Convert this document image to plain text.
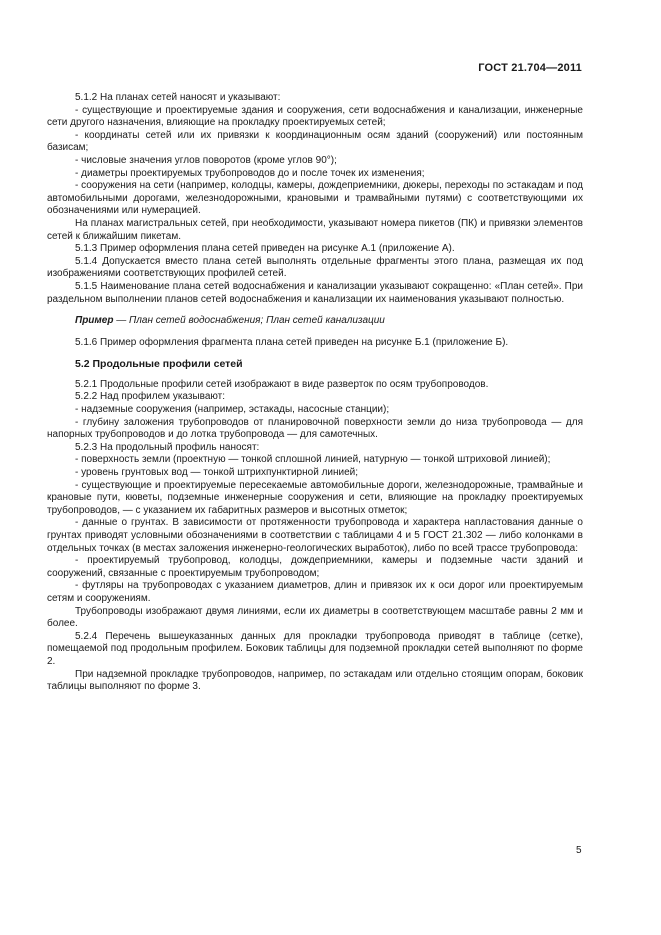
ГОСТ 21.704—2011

5.1.2 На планах сетей наносят и указывают:

- существующие и проектируемые здания и сооружения, сети водоснабжения и канализации, инженерные сети другого назначения, влияющие на прокладку проектируемых сетей;

- координаты сетей или их привязки к координационным осям зданий (сооружений) или постоянным базисам;

- числовые значения углов поворотов (кроме углов 90°);

- диаметры проектируемых трубопроводов до и после точек их изменения;

- сооружения на сети (например, колодцы, камеры, дождеприемники, дюкеры, переходы по эстакадам и под автомобильными дорогами, железнодорожными, крановыми и трамвайными путями) с соответствующими их обозначениями или нумерацией.

На планах магистральных сетей, при необходимости, указывают номера пикетов (ПК) и привязки элементов сетей к ближайшим пикетам.

5.1.3 Пример оформления плана сетей приведен на рисунке А.1 (приложение А).

5.1.4 Допускается вместо плана сетей выполнять отдельные фрагменты этого плана, размещая их под изображениями соответствующих профилей сетей.

5.1.5 Наименование плана сетей водоснабжения и канализации указывают сокращенно: «План сетей». При раздельном выполнении планов сетей водоснабжения и канализации их наименования указывают полностью.

Пример — План сетей водоснабжения; План сетей канализации

5.1.6 Пример оформления фрагмента плана сетей приведен на рисунке Б.1 (приложение Б).

5.2 Продольные профили сетей

5.2.1 Продольные профили сетей изображают в виде разверток по осям трубопроводов.

5.2.2 Над профилем указывают:

- надземные сооружения (например, эстакады, насосные станции);

- глубину заложения трубопроводов от планировочной поверхности земли до низа трубопровода — для напорных трубопроводов и до лотка трубопровода — для самотечных.

5.2.3 На продольный профиль наносят:

- поверхность земли (проектную — тонкой сплошной линией, натурную — тонкой штриховой линией);

- уровень грунтовых вод — тонкой штрихпунктирной линией;

- существующие и проектируемые пересекаемые автомобильные дороги, железнодорожные, трамвайные и крановые пути, кюветы, подземные инженерные сооружения и сети, влияющие на прокладку проектируемых трубопроводов, — с указанием их габаритных размеров и высотных отметок;

- данные о грунтах. В зависимости от протяженности трубопровода и характера напластования данные о грунтах приводят условными обозначениями в соответствии с таблицами 4 и 5 ГОСТ 21.302 — либо колонками в отдельных точках (в местах заложения инженерно-геологических выработок), либо по всей трассе трубопровода:

- проектируемый трубопровод, колодцы, дождеприемники, камеры и подземные части зданий и сооружений, связанные с проектируемым трубопроводом;

- футляры на трубопроводах с указанием диаметров, длин и привязок их к оси дорог или проектируемым сетям и сооружениям.

Трубопроводы изображают двумя линиями, если их диаметры в соответствующем масштабе равны 2 мм и более.

5.2.4 Перечень вышеуказанных данных для прокладки трубопровода приводят в таблице (сетке), помещаемой под продольным профилем. Боковик таблицы для подземной прокладки сетей выполняют по форме 2.

При надземной прокладке трубопроводов, например, по эстакадам или отдельно стоящим опорам, боковик таблицы выполняют по форме 3.

5
